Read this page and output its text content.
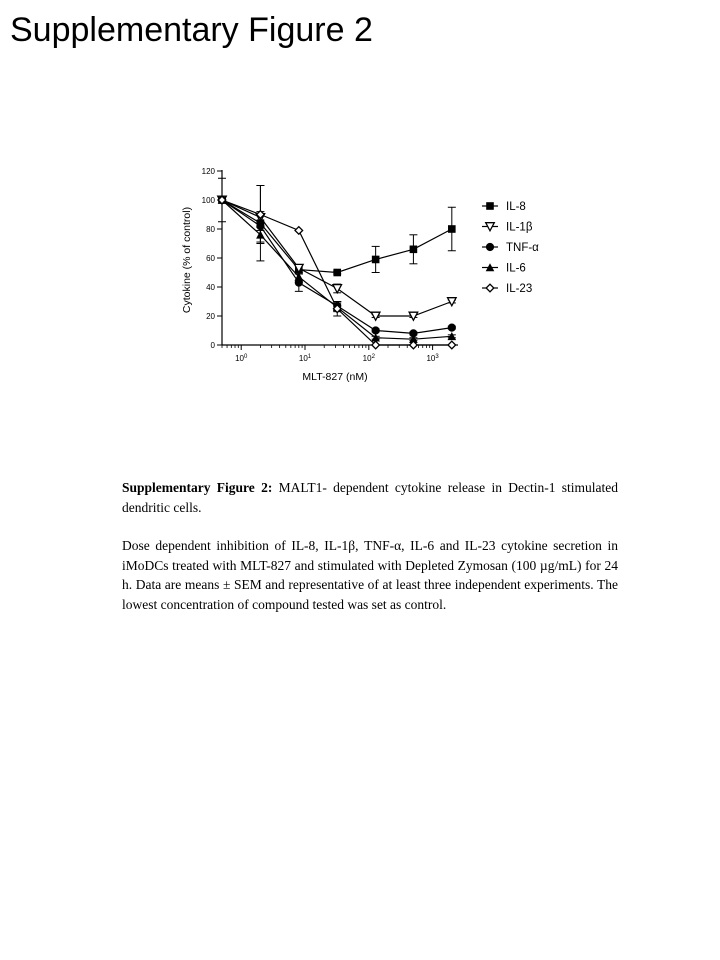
Supplementary Figure 2
0
20
40
60
80
100
120
$10^0$	$10^1$	$10^2$	$10^3$
MLT-827 (nM)
Cytokine (% of control)	IL-8
IL-1β
TNF-α
IL-6
IL-23

Supplementary Figure 2: MALT1- dependent cytokine release in Dectin-1 stimulated dendritic cells.

Dose dependent inhibition of IL-8, IL-1β, TNF-α, IL-6 and IL-23 cytokine secretion in iMoDCs treated with MLT-827 and stimulated with Depleted Zymosan (100 µg/mL) for 24 h. Data are means ± SEM and representative of at least three independent experiments. The lowest concentration of compound tested was set as control.
